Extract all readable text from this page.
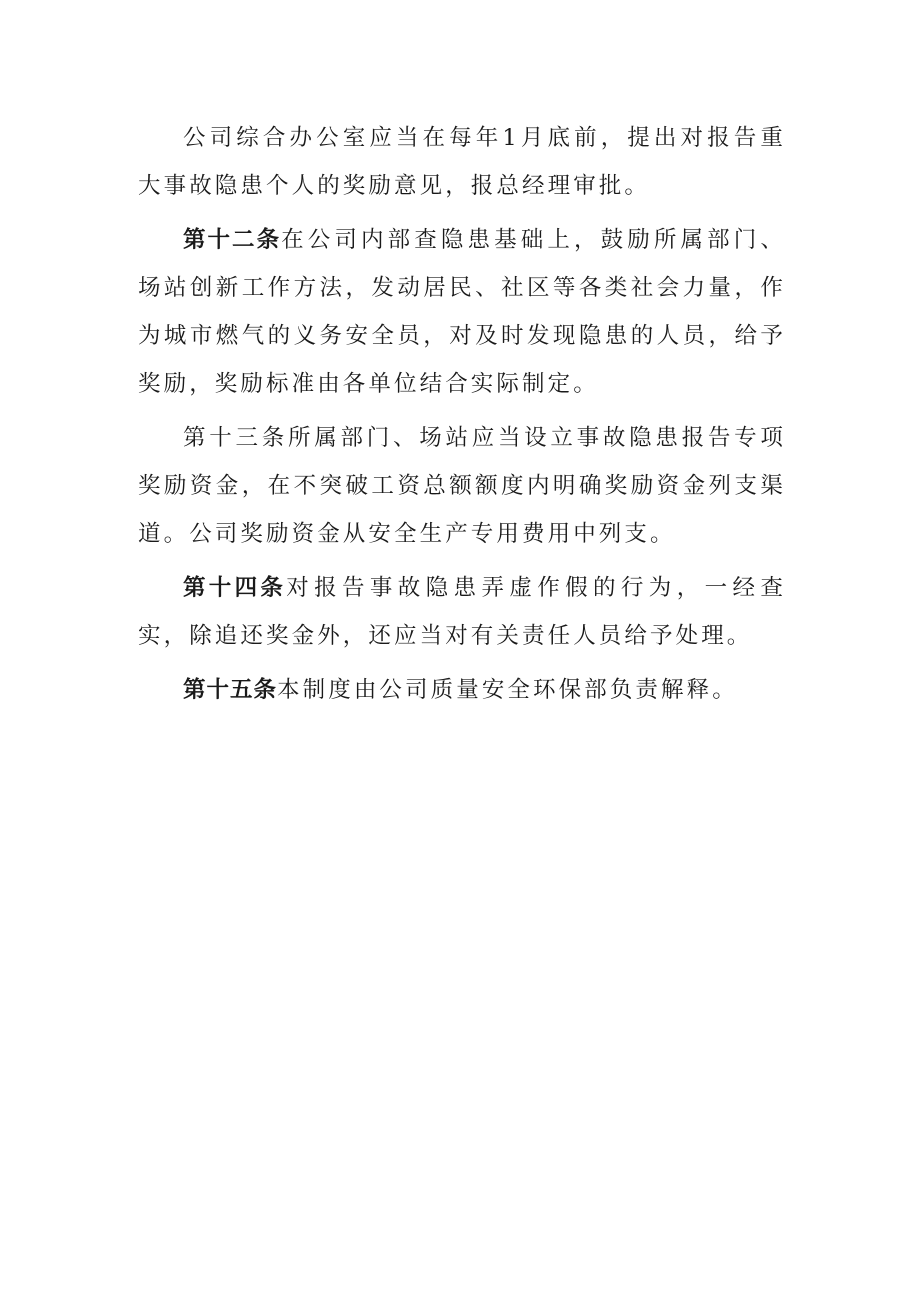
公司综合办公室应当在每年1月底前，提出对报告重大事故隐患个人的奖励意见，报总经理审批。

第十二条在公司内部查隐患基础上，鼓励所属部门、场站创新工作方法，发动居民、社区等各类社会力量，作为城市燃气的义务安全员，对及时发现隐患的人员，给予奖励，奖励标准由各单位结合实际制定。

第十三条所属部门、场站应当设立事故隐患报告专项奖励资金，在不突破工资总额额度内明确奖励资金列支渠道。公司奖励资金从安全生产专用费用中列支。

第十四条对报告事故隐患弄虚作假的行为，一经查实，除追还奖金外，还应当对有关责任人员给予处理。

第十五条本制度由公司质量安全环保部负责解释。
